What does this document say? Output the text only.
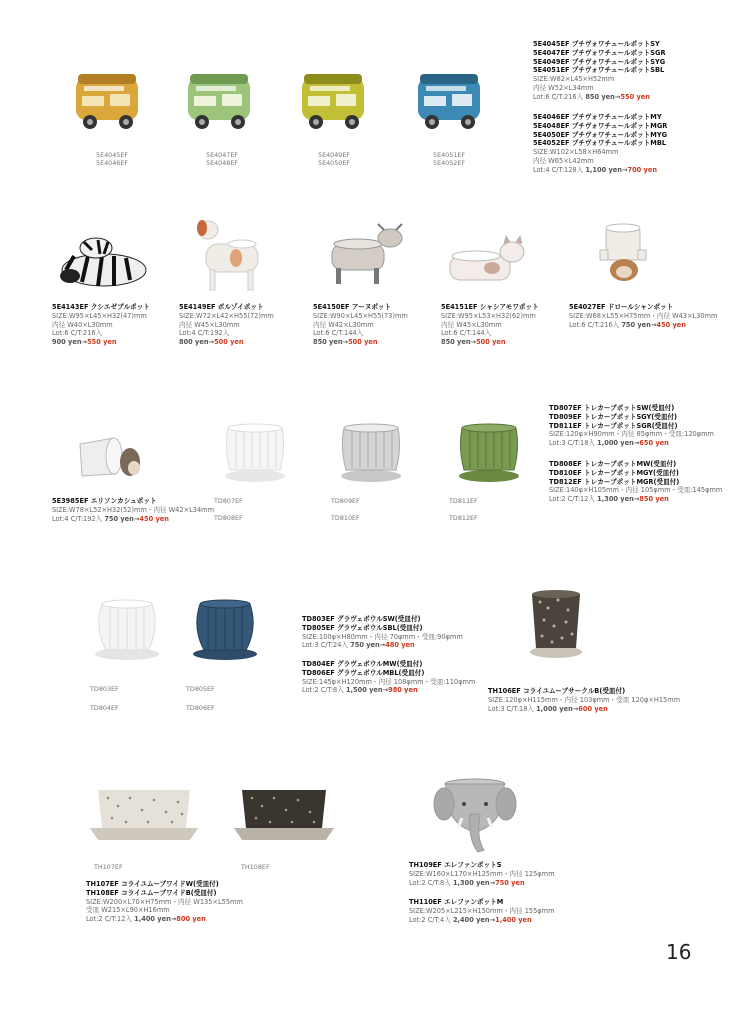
5E4045EF
5E4046EF
5E4047EF
5E4048EF
5E4049EF
5E4050EF
5E4051EF
5E4052EF
5E4045EF プチヴォワチュールポットSY
5E4047EF プチヴォワチュールポットSGR
5E4049EF プチヴォワチュールポットSYG
5E4051EF プチヴォワチュールポットSBL
SIZE:W82×L45×H52mm
内径 W52×L34mm
Lot:6 C/T:216入 850 yen→550 yen
5E4046EF プチヴォワチュールポットMY
5E4048EF プチヴォワチュールポットMGR
5E4050EF プチヴォワチュールポットMYG
5E4052EF プチヴォワチュールポットMBL
SIZE:W102×L58×H64mm
内径 W65×L42mm
Lot:4 C/T:128入 1,100 yen→700 yen
5E4143EF クシエゼブルポット
SIZE:W95×L45×H32(47)mm
内径 W40×L30mm
Lot:6 C/T:216入
900 yen→550 yen
5E4149EF ボルゾイポット
SIZE:W72×L42×H55(72)mm
内径 W45×L30mm
Lot:4 C/T:192入
800 yen→500 yen
5E4150EF アーヌポット
SIZE:W90×L45×H55(73)mm
内径 W42×L30mm
Lot:6 C/T:144入
850 yen→500 yen
5E4151EF シャシアモワポット
SIZE:W95×L53×H32(62)mm
内径 W45×L30mm
Lot:6 C/T:144入
850 yen→500 yen
5E4027EF ドロールシャンポット
SIZE:W68×L55×H75mm・内径 W43×L30mm
Lot:6 C/T:216入 750 yen→450 yen
TD807EF
TD808EF
TD809EF
TD810EF
TD811EF
TD812EF
5E3985EF エリソンカシュポット
SIZE:W78×L52×H32(52)mm・内径 W42×L34mm
Lot:4 C/T:192入 750 yen→450 yen
TD807EF トレカーブポットSW(受皿付)
TD809EF トレカーブポットSGY(受皿付)
TD811EF トレカーブポットSGR(受皿付)
SIZE:120φ×H90mm・内径 85φmm・受皿:120φmm
Lot:3 C/T:18入 1,000 yen→650 yen
TD808EF トレカーブポットMW(受皿付)
TD810EF トレカーブポットMGY(受皿付)
TD812EF トレカーブポットMGR(受皿付)
SIZE:140φ×H105mm・内径 105φmm・受皿:145φmm
Lot:2 C/T:12入 1,300 yen→850 yen
TD803EF
TD804EF
TD805EF
TD806EF
TD803EF グラヴェボウルSW(受皿付)
TD805EF グラヴェボウルSBL(受皿付)
SIZE:100φ×H80mm・内径 70φmm・受皿:90φmm
Lot:3 C/T:24入 750 yen→480 yen
TD804EF グラヴェボウルMW(受皿付)
TD806EF グラヴェボウルMBL(受皿付)
SIZE:145φ×H120mm・内径 108φmm・受皿:110φmm
Lot:2 C/T:8入 1,500 yen→980 yen	TH106EF コライユムーブサークルB(受皿付)
SIZE:120φ×H115mm・内径 103φmm・受皿 120φ×H15mm
Lot:3 C/T:18入 1,000 yen→600 yen
TH107EF	TH108EF
TH107EF コライユムーブワイドW(受皿付)
TH108EF コライユムーブワイドB(受皿付)
SIZE:W200×L70×H75mm・内径 W135×L55mm
受皿 W215×L90×H16mm
Lot:2 C/T:12入 1,400 yen→800 yen
TH109EF エレファンポットS
SIZE:W160×L170×H125mm・内径 125φmm
Lot:2 C/T:8入 1,300 yen→750 yen
TH110EF エレファンポットM
SIZE:W205×L215×H150mm・内径 155φmm
Lot:2 C/T:4入 2,400 yen→1,400 yen
16
